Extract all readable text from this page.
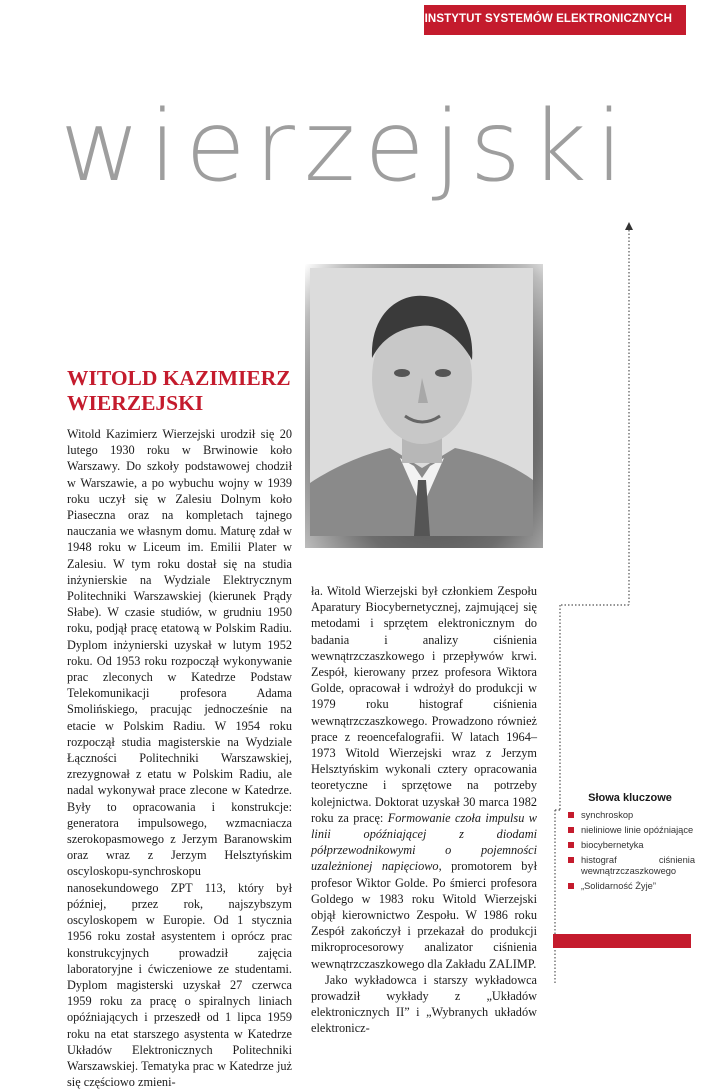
INSTYTUT SYSTEMÓW ELEKTRONICZNYCH
wierzejski
WITOLD KAZIMIERZ
WIERZEJSKI

Witold Kazimierz Wierzejski urodził się 20 lutego 1930 roku w Brwinowie koło Warszawy. Do szkoły podstawowej chodził w Warszawie, a po wybuchu wojny w 1939 roku uczył się w Zalesiu Dolnym koło Piaseczna oraz na kompletach tajnego nauczania we własnym domu. Maturę zdał w 1948 roku w Liceum im. Emilii Plater w Zalesiu. W tym roku dostał się na studia inżynierskie na Wydziale Elektrycznym Politechniki Warszawskiej (kierunek Prądy Słabe). W czasie studiów, w grudniu 1950 roku, podjął pracę etatową w Polskim Radiu. Dyplom inżynierski uzyskał w lutym 1952 roku. Od 1953 roku rozpoczął wykonywanie prac zleconych w Katedrze Podstaw Telekomunikacji profesora Adama Smolińskiego, pracując jednocześnie na etacie w Polskim Radiu. W 1954 roku rozpoczął studia magisterskie na Wydziale Łączności Politechniki Warszawskiej, zrezygnował z etatu w Polskim Radiu, ale nadal wykonywał prace zlecone w Katedrze. Były to opracowania i konstrukcje: generatora impulsowego, wzmacniacza szerokopasmowego z Jerzym Baranowskim oraz wraz z Jerzym Helsztyńskim oscyloskopu-synchroskopu nanosekundowego ZPT 113, który był później, przez rok, najszybszym oscyloskopem w Europie. Od 1 stycznia 1956 roku został asystentem i oprócz prac konstrukcyjnych prowadził zajęcia laboratoryjne i ćwiczeniowe ze studentami. Dyplom magisterski uzyskał 27 czerwca 1959 roku za pracę o spiralnych liniach opóźniających i przeszedł od 1 lipca 1959 roku na etat starszego asystenta w Katedrze Układów Elektronicznych Politechniki Warszawskiej. Tematyka prac w Katedrze już się częściowo zmieni-

ła. Witold Wierzejski był członkiem Zespołu Aparatury Biocybernetycznej, zajmującej się metodami i sprzętem elektronicznym do badania i analizy ciśnienia wewnątrzczaszkowego i przepływów krwi. Zespół, kierowany przez profesora Wiktora Golde, opracował i wdrożył do produkcji w 1979 roku histograf ciśnienia wewnątrzczaszkowego. Prowadzono również prace z reoencefalografii. W latach 1964–1973 Witold Wierzejski wraz z Jerzym Helsztyńskim wykonali cztery opracowania teoretyczne i sprzętowe na potrzeby kolejnictwa. Doktorat uzyskał 30 marca 1982 roku za pracę: Formowanie czoła impulsu w linii opóźniającej z diodami półprzewodnikowymi o pojemności uzależnionej napięciowo, promotorem był profesor Wiktor Golde. Po śmierci profesora Goldego w 1983 roku Witold Wierzejski objął kierownictwo Zespołu. W 1986 roku Zespół zakończył i przekazał do produkcji mikroprocesorowy analizator ciśnienia wewnątrzczaszkowego dla Zakładu ZALIMP.

Jako wykładowca i starszy wykładowca prowadził wykłady z „Układów elektronicznych II” i „Wybranych układów elektronicz-

Słowa kluczowe

synchroskop
nieliniowe linie opóźniające
biocybernetyka
histograf ciśnienia wewnątrzczaszkowego
„Solidarność Żyje”
